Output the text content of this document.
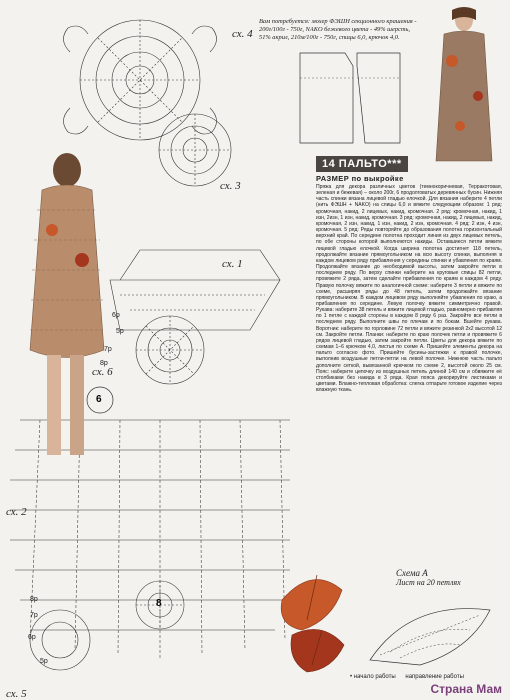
сх. 4
сх. 3
сх. 1
сх. 6
сх. 2
сх. 5
6
8
6р
5р
7р
8р
8р
7р
6р
5р
Вам потребуется: мохер ФЭШН секционного крашения - 200г/100г - 750г, NAKO бежевого цвета - 49% шерсть, 51% акрил, 210м/100г - 750г, спицы 6,0, крючок 4,0.
14 ПАЛЬТО***
РАЗМЕР по выкройке
Пряжа для декора различных цветов (темнокоричневая, Терракотовая, зеленая и бежевая) – около 200г, 6 продолговатых деревянных бусин. Нижняя часть спинки вязана лицевой гладью елочкой. Для вязания наберите 4 петли (нить ФЭШН + NAKO) на спицы 6,0 и вяжите следующим образом: 1 ряд: кромочная, накид, 2 лицевых, накид, кромочная. 2 ряд: кромочная, накид, 1 изн, 2изн, 1 изн, накид, кромочная. 3 ряд: кромочная, накид, 2 лицевых, накид, кромочная, 2 изн, накид, 1 изн, накид, 2 изн, кромочная. 4 ряд: 2 изн, 4 изн, кромочная. 5 ряд: Ряды повторяйте до образования полотна горизонтальный верхний край. По середине полотна проходит линия из двух лицевых петель, по обе стороны которой выполняются накиды. Оставшиеся петли вяжите лицевой гладью елочкой. Когда ширина полотна достигнет 118 петель, продолжайте вязание прямоугольником на всю высоту спинки, выполняя в каждом лицевом ряду прибавления у середины спинки и убавления по краям. Продолжайте вязание до необходимой высоты, затем закройте петли в последнем ряду. По верху спинки наберите на круговые спицы 82 петли, провяжите 2 ряда, затем сделайте прибавления по краям в каждом 4 ряду. Правую полочку вяжите по аналогичной схеме: наберите 3 петли и вяжите по схеме, расширяя ряды до 48 петель, затем продолжайте вязание прямоугольником. В каждом лицевом ряду выполняйте убавления по краю, а прибавления по середине. Левую полочку вяжите симметрично правой. Рукава: наберите 38 петель и вяжите лицевой гладью, равномерно прибавляя по 1 петле с каждой стороны в каждом 8 ряду 6 раз. Закройте все петли в последнем ряду. Выполните швы по плечам и по бокам. Вшейте рукава. Воротник: наберите по горловине 72 петли и вяжите резинкой 2х2 высотой 12 см. Закройте петли. Планки: наберите по краю полочек петли и провяжите 6 рядов лицевой гладью, затем закройте петли. Цветы для декора вяжите по схемам 1–6 крючком 4,0, листья по схеме А. Пришейте элементы декора на пальто согласно фото. Пришейте бусины-застежки к правой полочке, выполнив воздушные петли-петли на левой полочке. Нижнюю часть пальто дополните сеткой, вывязанной крючком по схеме 2, высотой около 25 см. Пояс: наберите цепочку из воздушных петель длиной 140 см и обвяжите её столбиками без накида в 3 ряда. Края пояса декорируйте листиками и цветами. Влажно-тепловая обработка: слегка отпарьте готовое изделие через влажную ткань.
Схема А
Лист на 20 петлях
• начало работы направление работы
Страна Мам
